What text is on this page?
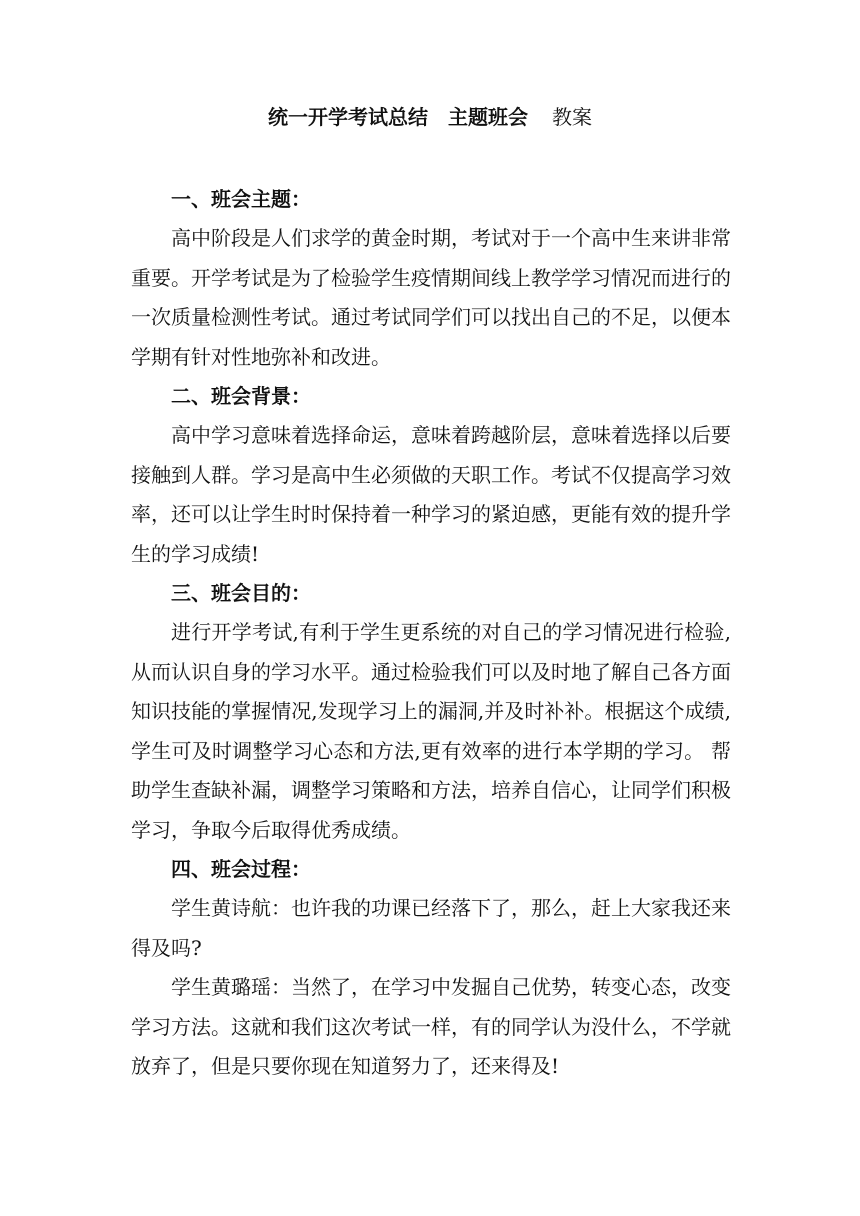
统一开学考试总结　主题班会 教案

一、班会主题：

高中阶段是人们求学的黄金时期，考试对于一个高中生来讲非常重要。开学考试是为了检验学生疫情期间线上教学学习情况而进行的一次质量检测性考试。通过考试同学们可以找出自己的不足，以便本学期有针对性地弥补和改进。

二、班会背景：

高中学习意味着选择命运，意味着跨越阶层，意味着选择以后要接触到人群。学习是高中生必须做的天职工作。考试不仅提高学习效率，还可以让学生时时保持着一种学习的紧迫感，更能有效的提升学生的学习成绩!

三、班会目的：

进行开学考试,有利于学生更系统的对自己的学习情况进行检验,从而认识自身的学习水平。通过检验我们可以及时地了解自己各方面知识技能的掌握情况,发现学习上的漏洞,并及时补补。根据这个成绩,学生可及时调整学习心态和方法,更有效率的进行本学期的学习。 帮助学生查缺补漏，调整学习策略和方法，培养自信心，让同学们积极学习，争取今后取得优秀成绩。

四、班会过程：

学生黄诗航：也许我的功课已经落下了，那么，赶上大家我还来得及吗?

学生黄璐瑶：当然了，在学习中发掘自己优势，转变心态，改变学习方法。这就和我们这次考试一样，有的同学认为没什么，不学就放弃了，但是只要你现在知道努力了，还来得及!
